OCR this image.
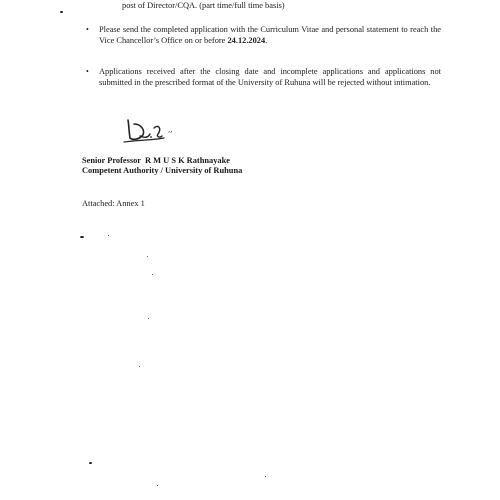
post of Director/CQA. (part time/full time basis)
• Please send the completed application with the Curriculum Vitae and personal statement to reach the Vice Chancellor’s Office on or before 24.12.2024.
• Applications received after the closing date and incomplete applications and applications not submitted in the prescribed format of the University of Ruhuna will be rejected without intimation.
,,
Senior Professor  R M U S K Rathnayake
Competent Authority / University of Ruhuna
Attached: Annex 1
